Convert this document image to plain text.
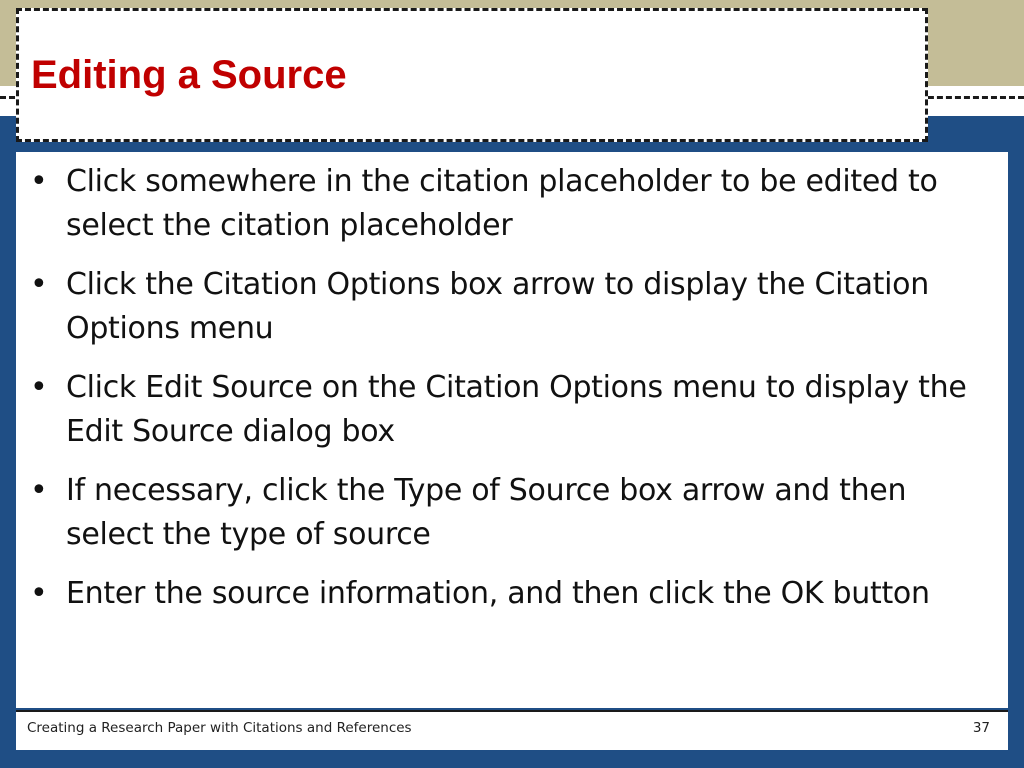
Editing a Source
• Click somewhere in the citation placeholder to be edited to select the citation placeholder
• Click the Citation Options box arrow to display the Citation Options menu
• Click Edit Source on the Citation Options menu to display the Edit Source dialog box
• If necessary, click the Type of Source box arrow and then select the type of source
• Enter the source information, and then click the OK button
Creating a Research Paper with Citations and References	37
